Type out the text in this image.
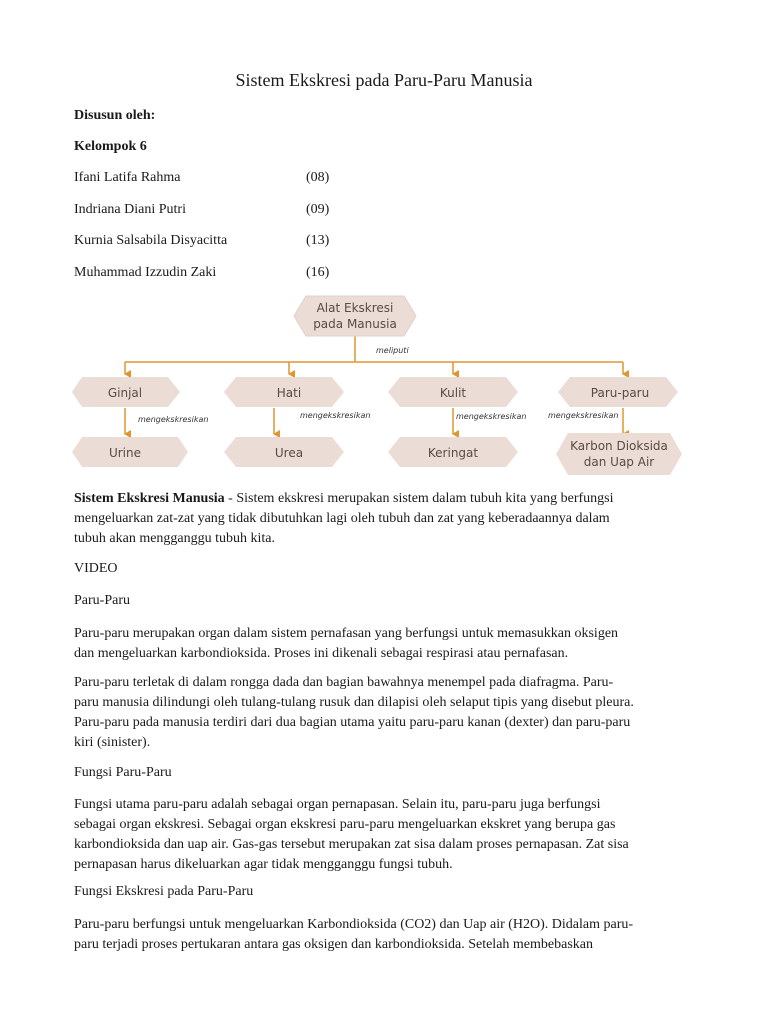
Sistem Ekskresi pada Paru-Paru Manusia
Disusun oleh:
Kelompok 6
Ifani Latifa Rahma	(08)
Indriana Diani Putri	(09)
Kurnia Salsabila Disyacitta	(13)
Muhammad Izzudin Zaki	(16)
Alat Ekskresi
pada Manusia
meliputi
Ginjal	Hati	Kulit	Paru-paru
mengekskresikan	mengekskresikan	mengekskresikan	mengekskresikan
Urine	Urea	Keringat	Karbon Dioksida
dan Uap Air
Sistem Ekskresi Manusia - Sistem ekskresi merupakan sistem dalam tubuh kita yang berfungsi
mengeluarkan zat-zat yang tidak dibutuhkan lagi oleh tubuh dan zat yang keberadaannya dalam
tubuh akan mengganggu tubuh kita.
VIDEO
Paru-Paru
Paru-paru merupakan organ dalam sistem pernafasan yang berfungsi untuk memasukkan oksigen
dan mengeluarkan karbondioksida. Proses ini dikenali sebagai respirasi atau pernafasan.
Paru-paru terletak di dalam rongga dada dan bagian bawahnya menempel pada diafragma. Paru-
paru manusia dilindungi oleh tulang-tulang rusuk dan dilapisi oleh selaput tipis yang disebut pleura.
Paru-paru pada manusia terdiri dari dua bagian utama yaitu paru-paru kanan (dexter) dan paru-paru
kiri (sinister).
Fungsi Paru-Paru
Fungsi utama paru-paru adalah sebagai organ pernapasan. Selain itu, paru-paru juga berfungsi
sebagai organ ekskresi. Sebagai organ ekskresi paru-paru mengeluarkan ekskret yang berupa gas
karbondioksida dan uap air. Gas-gas tersebut merupakan zat sisa dalam proses pernapasan. Zat sisa
pernapasan harus dikeluarkan agar tidak mengganggu fungsi tubuh.
Fungsi Ekskresi pada Paru-Paru
Paru-paru berfungsi untuk mengeluarkan Karbondioksida (CO2) dan Uap air (H2O). Didalam paru-
paru terjadi proses pertukaran antara gas oksigen dan karbondioksida. Setelah membebaskan
